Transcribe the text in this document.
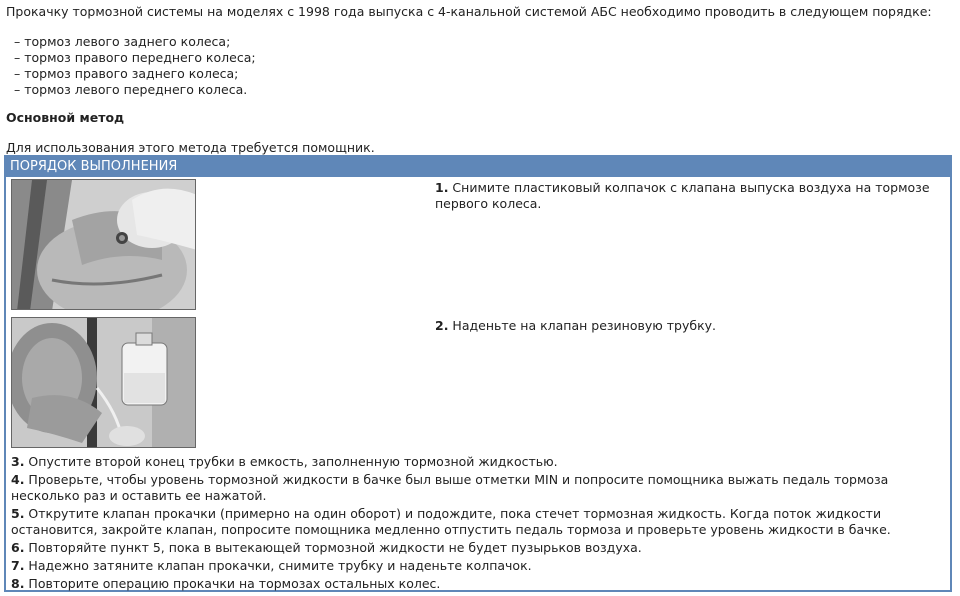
Прокачку тормозной системы на моделях с 1998 года выпуска с 4-канальной системой АБС необходимо проводить в следующем порядке:

– тормоз левого заднего колеса;
– тормоз правого переднего колеса;
– тормоз правого заднего колеса;
– тормоз левого переднего колеса.
Основной метод
Для использования этого метода требуется помощник.
ПОРЯДОК ВЫПОЛНЕНИЯ
1. Снимите пластиковый колпачок с клапана выпуска воздуха на тормозе первого колеса.
2. Наденьте на клапан резиновую трубку.
3. Опустите второй конец трубки в емкость, заполненную тормозной жидкостью.
4. Проверьте, чтобы уровень тормозной жидкости в бачке был выше отметки MIN и попросите помощника выжать педаль тормоза несколько раз и оставить ее нажатой.
5. Открутите клапан прокачки (примерно на один оборот) и подождите, пока стечет тормозная жидкость. Когда поток жидкости остановится, закройте клапан, попросите помощника медленно отпустить педаль тормоза и проверьте уровень жидкости в бачке.
6. Повторяйте пункт 5, пока в вытекающей тормозной жидкости не будет пузырьков воздуха.
7. Надежно затяните клапан прокачки, снимите трубку и наденьте колпачок.
8. Повторите операцию прокачки на тормозах остальных колес.
